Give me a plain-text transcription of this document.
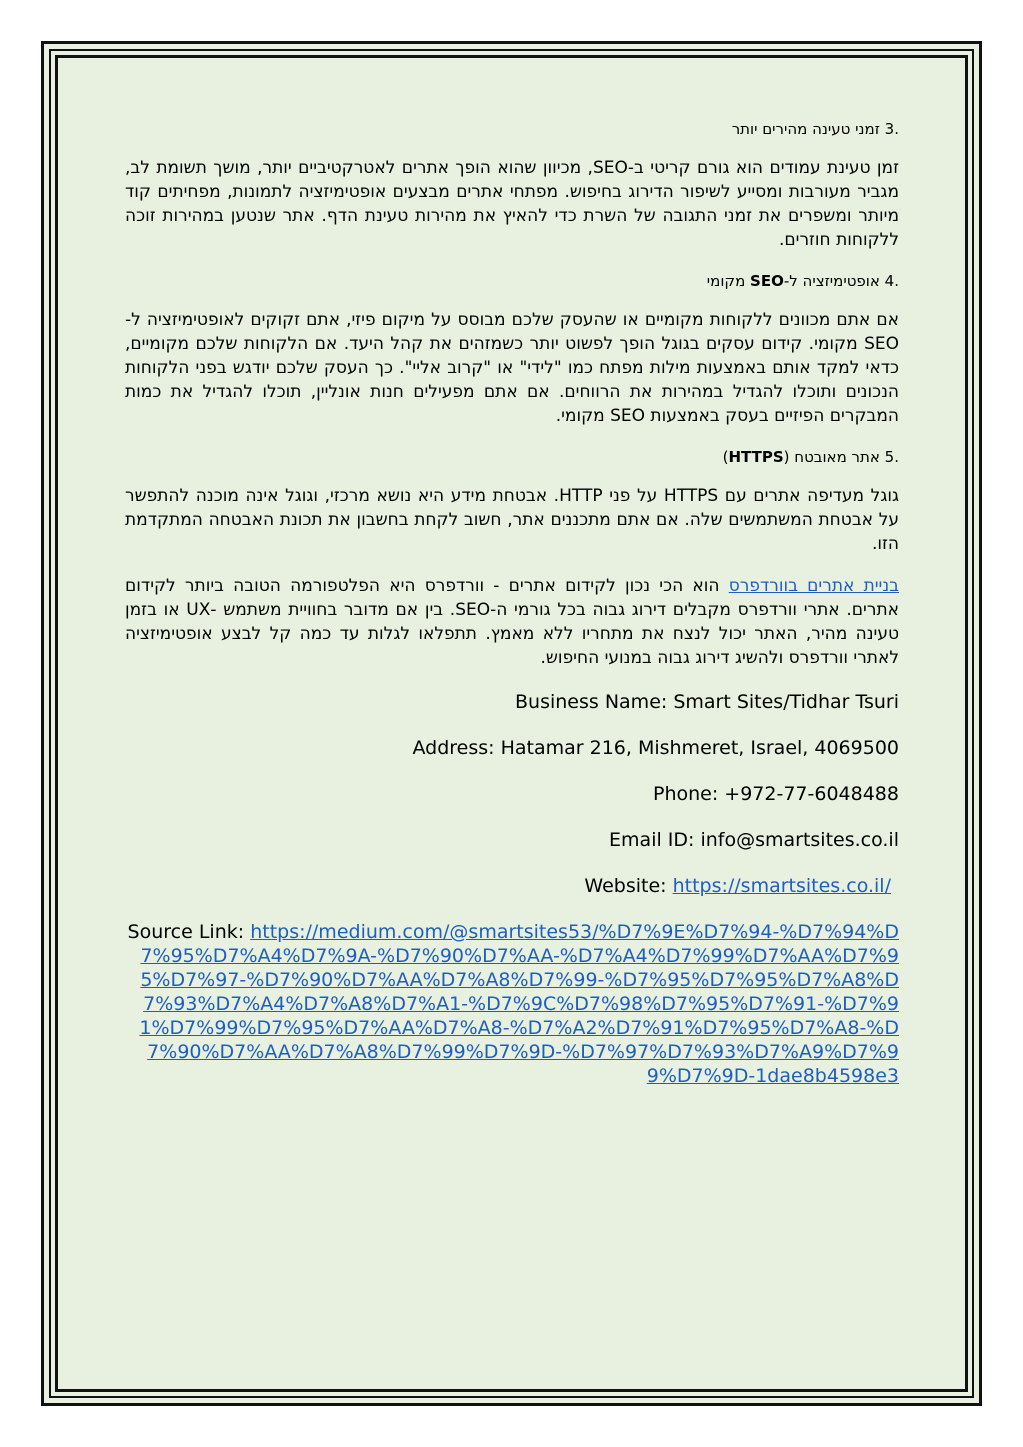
.3 זמני טעינה מהירים יותר

זמן טעינת עמודים הוא גורם קריטי ב-SEO, מכיוון שהוא הופך אתרים לאטרקטיביים יותר, מושך תשומת לב, מגביר מעורבות ומסייע לשיפור הדירוג בחיפוש. מפתחי אתרים מבצעים אופטימיזציה לתמונות, מפחיתים קוד מיותר ומשפרים את זמני התגובה של השרת כדי להאיץ את מהירות טעינת הדף. אתר שנטען במהירות זוכה ללקוחות חוזרים.

.4 אופטימיזציה ל-SEO מקומי

אם אתם מכוונים ללקוחות מקומיים או שהעסק שלכם מבוסס על מיקום פיזי, אתם זקוקים לאופטימיזציה ל-SEO מקומי. קידום עסקים בגוגל הופך לפשוט יותר כשמזהים את קהל היעד. אם הלקוחות שלכם מקומיים, כדאי למקד אותם באמצעות מילות מפתח כמו "לידי" או "קרוב אליי". כך העסק שלכם יודגש בפני הלקוחות הנכונים ותוכלו להגדיל במהירות את הרווחים. אם אתם מפעילים חנות אונליין, תוכלו להגדיל את כמות המבקרים הפיזיים בעסק באמצעות SEO מקומי.

.5 אתר מאובטח (HTTPS)

גוגל מעדיפה אתרים עם HTTPS על פני HTTP. אבטחת מידע היא נושא מרכזי, וגוגל אינה מוכנה להתפשר על אבטחת המשתמשים שלה. אם אתם מתכננים אתר, חשוב לקחת בחשבון את תכונת האבטחה המתקדמת הזו.

בניית אתרים בוורדפרס הוא הכי נכון לקידום אתרים - וורדפרס היא הפלטפורמה הטובה ביותר לקידום אתרים. אתרי וורדפרס מקבלים דירוג גבוה בכל גורמי ה-SEO. בין אם מדובר בחוויית משתמש -UX או בזמן טעינה מהיר, האתר יכול לנצח את מתחריו ללא מאמץ. תתפלאו לגלות עד כמה קל לבצע אופטימיזציה לאתרי וורדפרס ולהשיג דירוג גבוה במנועי החיפוש.

Business Name: Smart Sites/Tidhar Tsuri

Address: Hatamar 216, Mishmeret, Israel, 4069500

Phone: +972-77-6048488

Email ID: info@smartsites.co.il

Website: https://smartsites.co.il/

Source Link: https://medium.com/@smartsites53/%D7%9E%D7%94-%D7%94%D7%95%D7%A4%D7%9A-%D7%90%D7%AA-%D7%A4%D7%99%D7%AA%D7%95%D7%97-%D7%90%D7%AA%D7%A8%D7%99-%D7%95%D7%95%D7%A8%D7%93%D7%A4%D7%A8%D7%A1-%D7%9C%D7%98%D7%95%D7%91-%D7%91%D7%99%D7%95%D7%AA%D7%A8-%D7%A2%D7%91%D7%95%D7%A8-%D7%90%D7%AA%D7%A8%D7%99%D7%9D-%D7%97%D7%93%D7%A9%D7%99%D7%9D-1dae8b4598e3
